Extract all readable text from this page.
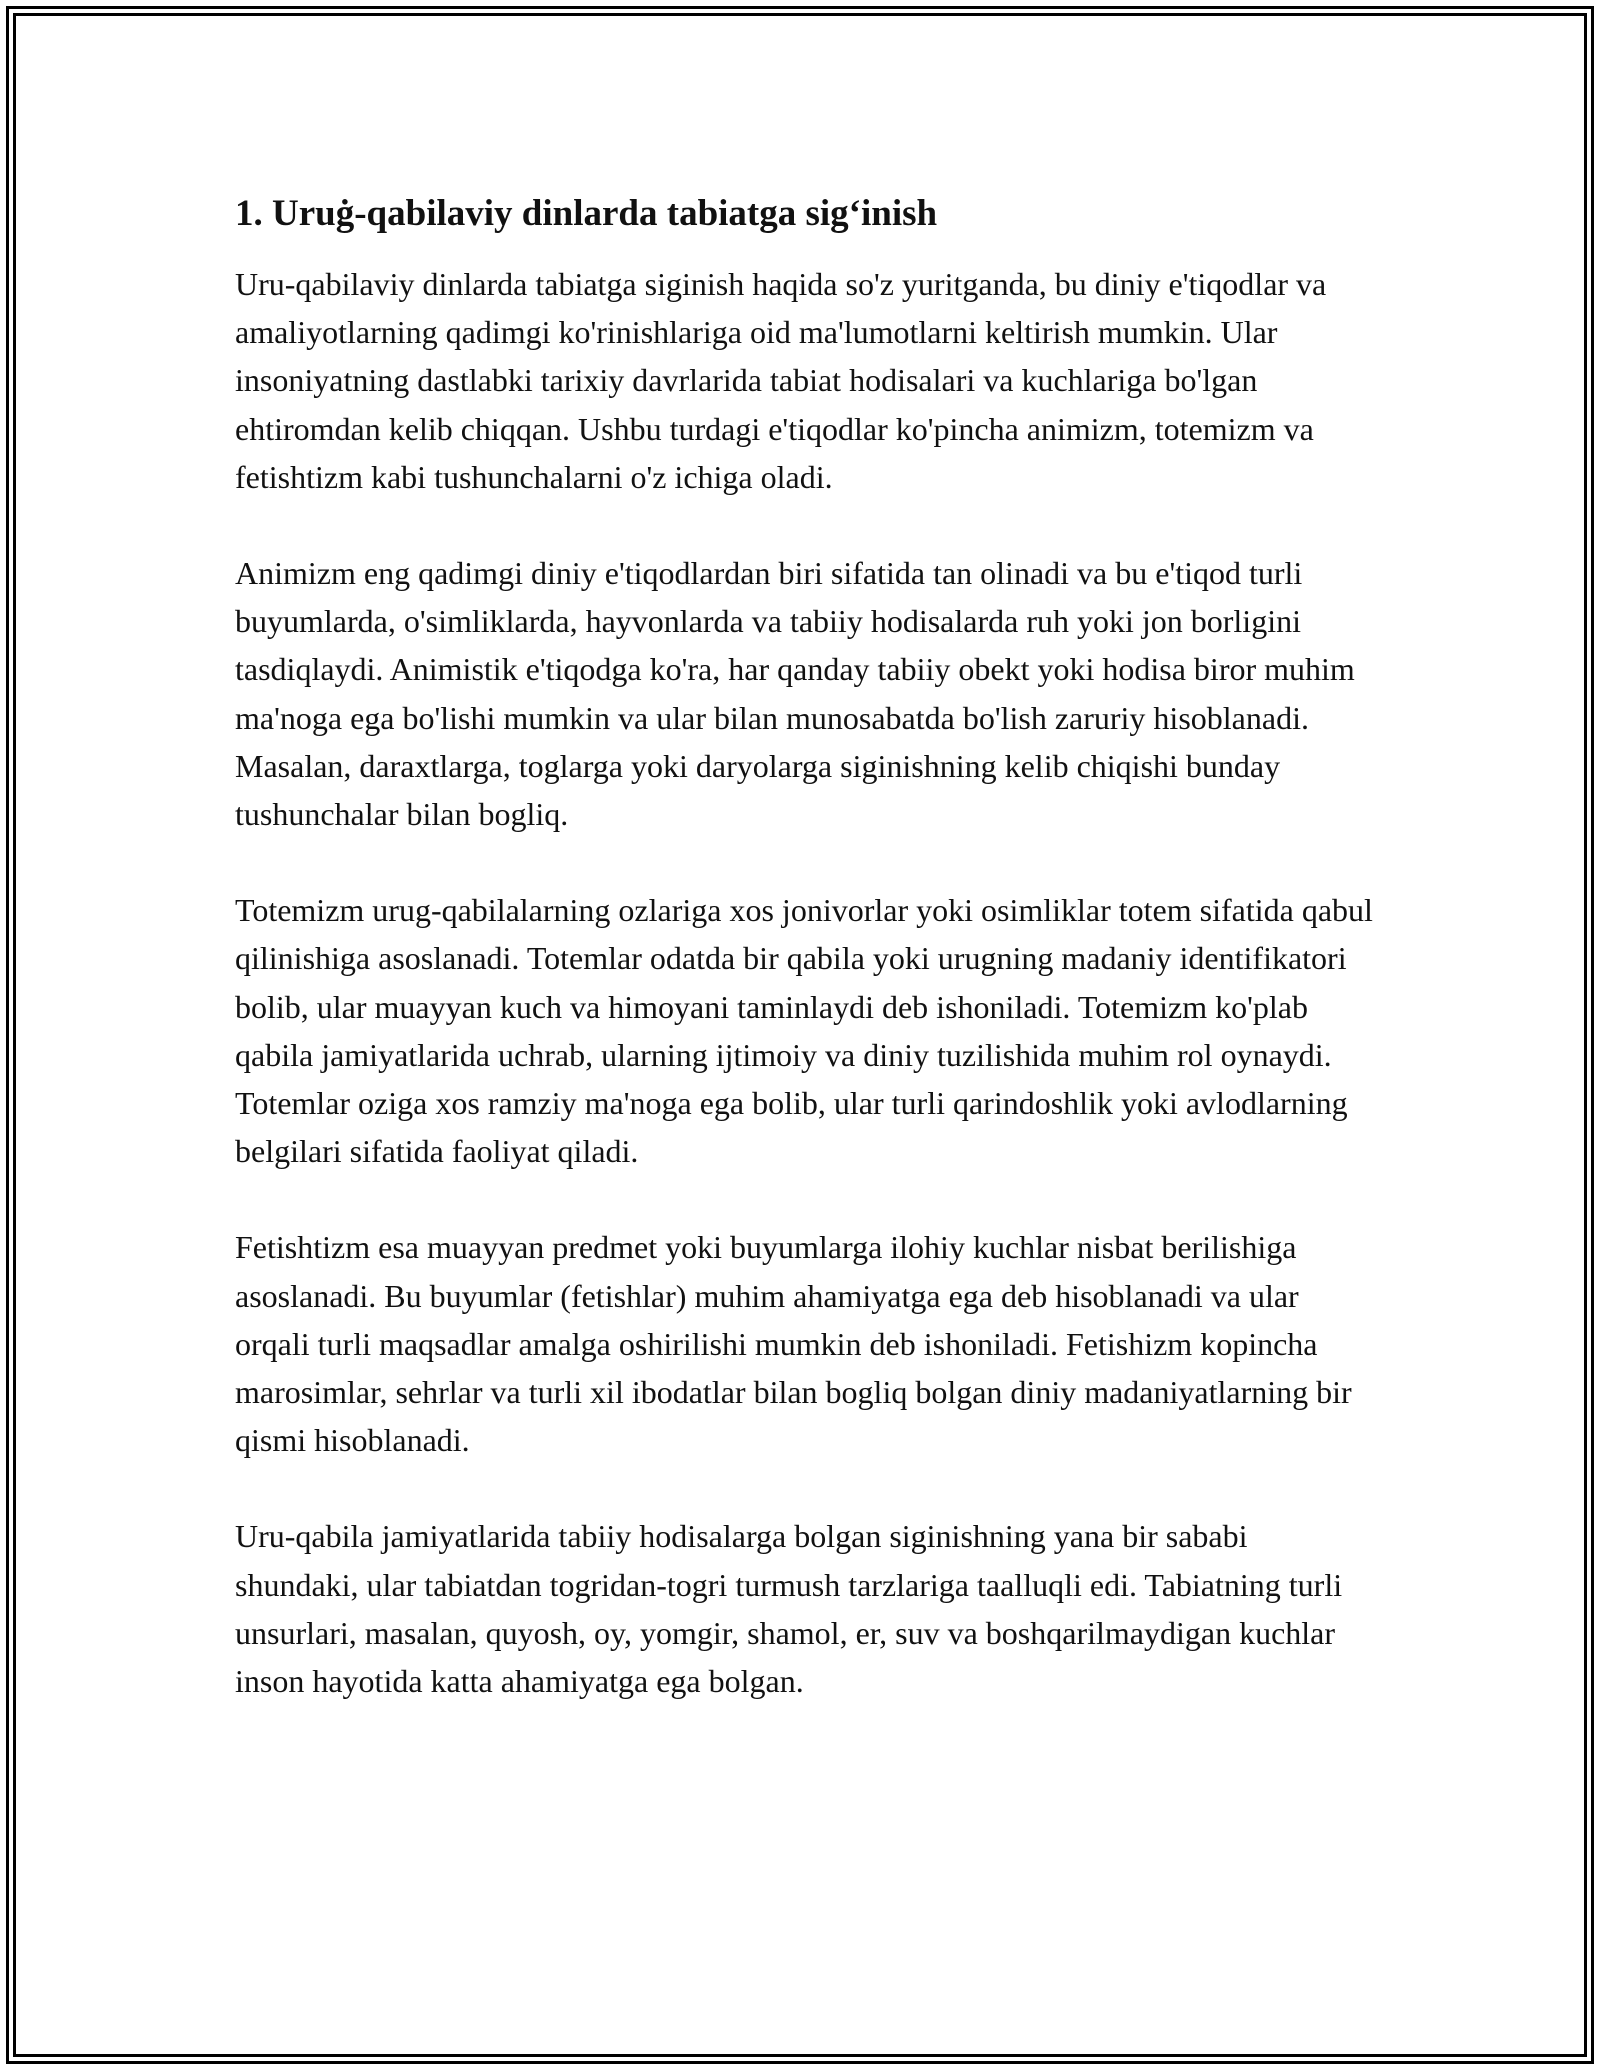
1. Uruġ-qabilaviy dinlarda tabiatga sig‘inish

Uru-qabilaviy dinlarda tabiatga siginish haqida so'z yuritganda, bu diniy e'tiqodlar va amaliyotlarning qadimgi ko'rinishlariga oid ma'lumotlarni keltirish mumkin. Ular insoniyatning dastlabki tarixiy davrlarida tabiat hodisalari va kuchlariga bo'lgan ehtiromdan kelib chiqqan. Ushbu turdagi e'tiqodlar ko'pincha animizm, totemizm va fetishtizm kabi tushunchalarni o'z ichiga oladi.

Animizm eng qadimgi diniy e'tiqodlardan biri sifatida tan olinadi va bu e'tiqod turli buyumlarda, o'simliklarda, hayvonlarda va tabiiy hodisalarda ruh yoki jon borligini tasdiqlaydi. Animistik e'tiqodga ko'ra, har qanday tabiiy obekt yoki hodisa biror muhim ma'noga ega bo'lishi mumkin va ular bilan munosabatda bo'lish zaruriy hisoblanadi. Masalan, daraxtlarga, toglarga yoki daryolarga siginishning kelib chiqishi bunday tushunchalar bilan bogliq.

Totemizm urug-qabilalarning ozlariga xos jonivorlar yoki osimliklar totem sifatida qabul qilinishiga asoslanadi. Totemlar odatda bir qabila yoki urugning madaniy identifikatori bolib, ular muayyan kuch va himoyani taminlaydi deb ishoniladi. Totemizm ko'plab qabila jamiyatlarida uchrab, ularning ijtimoiy va diniy tuzilishida muhim rol oynaydi. Totemlar oziga xos ramziy ma'noga ega bolib, ular turli qarindoshlik yoki avlodlarning belgilari sifatida faoliyat qiladi.

Fetishtizm esa muayyan predmet yoki buyumlarga ilohiy kuchlar nisbat berilishiga asoslanadi. Bu buyumlar (fetishlar) muhim ahamiyatga ega deb hisoblanadi va ular orqali turli maqsadlar amalga oshirilishi mumkin deb ishoniladi. Fetishizm kopincha marosimlar, sehrlar va turli xil ibodatlar bilan bogliq bolgan diniy madaniyatlarning bir qismi hisoblanadi.

Uru-qabila jamiyatlarida tabiiy hodisalarga bolgan siginishning yana bir sababi shundaki, ular tabiatdan togridan-togri turmush tarzlariga taalluqli edi. Tabiatning turli unsurlari, masalan, quyosh, oy, yomgir, shamol, er, suv va boshqarilmaydigan kuchlar inson hayotida katta ahamiyatga ega bolgan.
